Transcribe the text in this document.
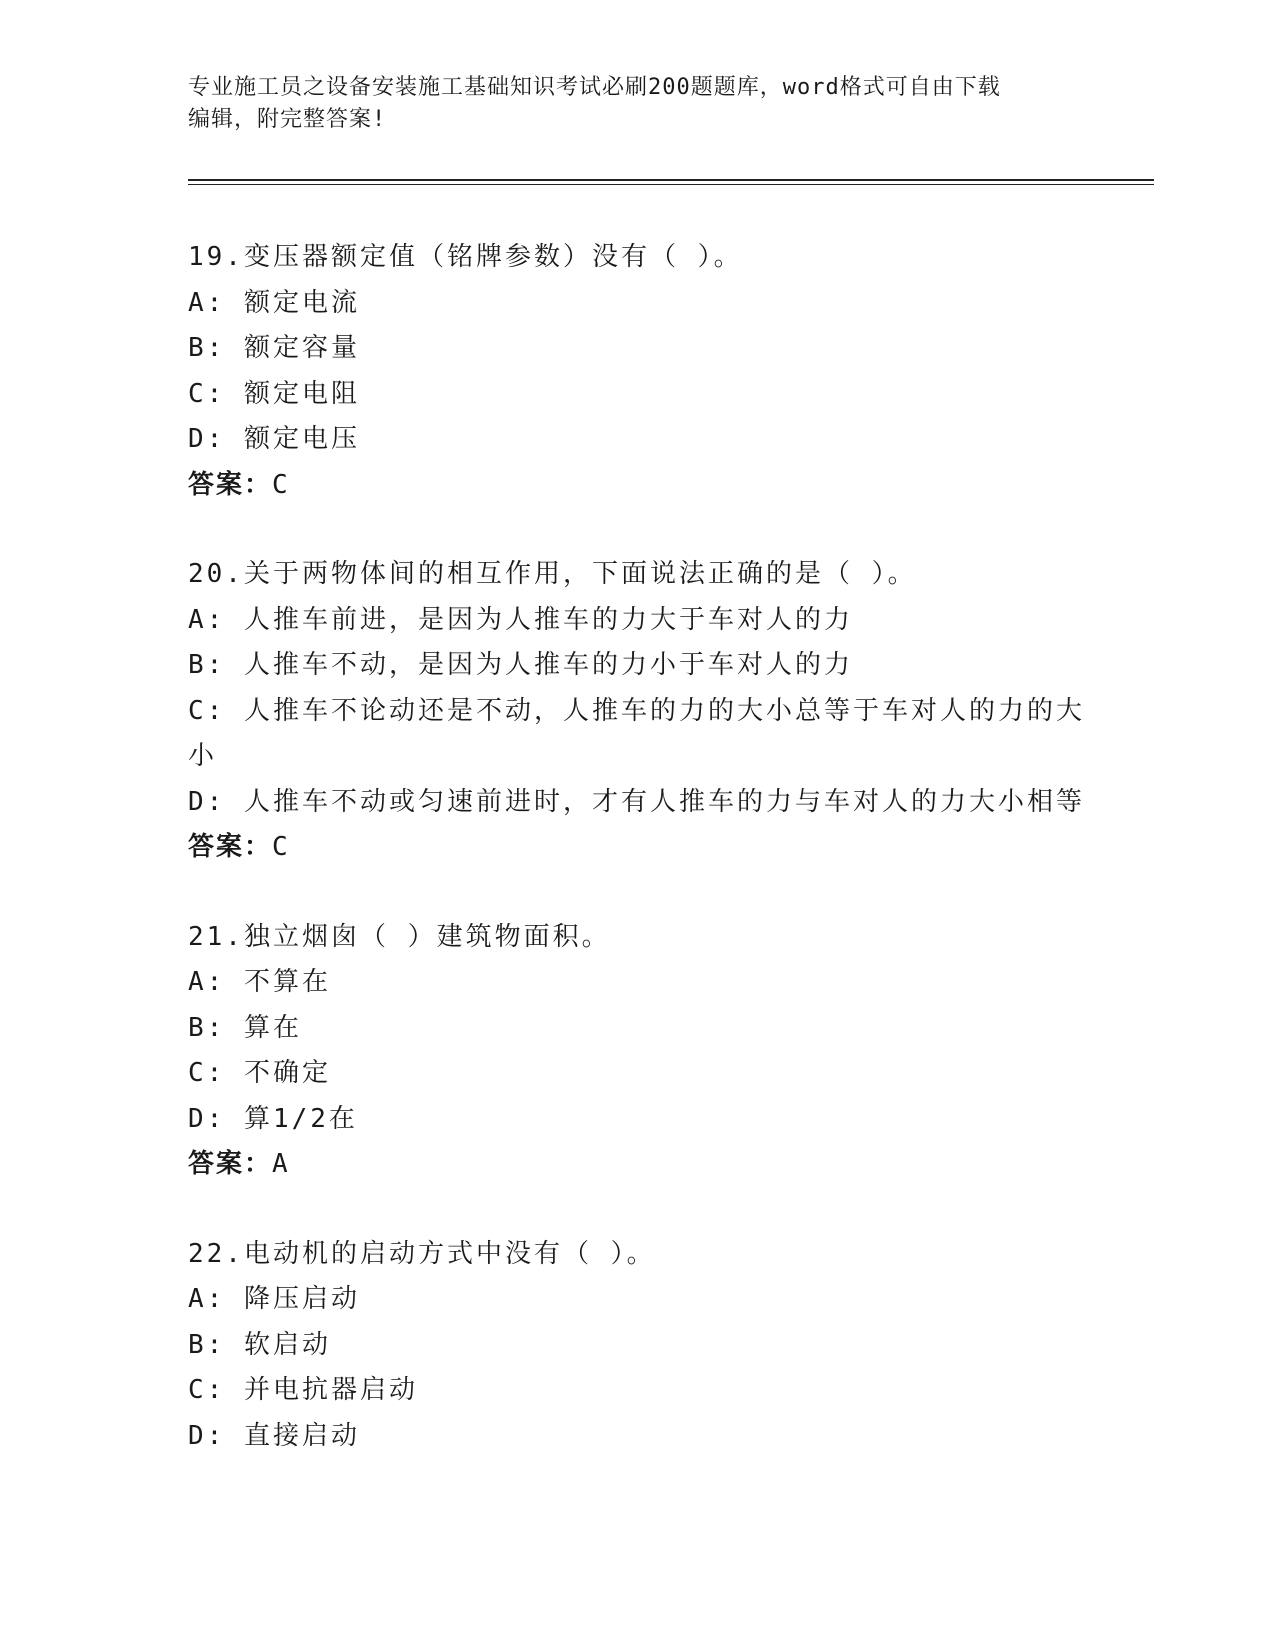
专业施工员之设备安装施工基础知识考试必刷200题题库，word格式可自由下载
编辑，附完整答案!
19.变压器额定值（铭牌参数）没有（ ）。
A: 额定电流
B: 额定容量
C: 额定电阻
D: 额定电压
答案：C
20.关于两物体间的相互作用，下面说法正确的是（ ）。
A: 人推车前进，是因为人推车的力大于车对人的力
B: 人推车不动，是因为人推车的力小于车对人的力
C: 人推车不论动还是不动，人推车的力的大小总等于车对人的力的大小
D: 人推车不动或匀速前进时，才有人推车的力与车对人的力大小相等
答案：C
21.独立烟囱（ ）建筑物面积。
A: 不算在
B: 算在
C: 不确定
D: 算1/2在
答案：A
22.电动机的启动方式中没有（ ）。
A: 降压启动
B: 软启动
C: 并电抗器启动
D: 直接启动
